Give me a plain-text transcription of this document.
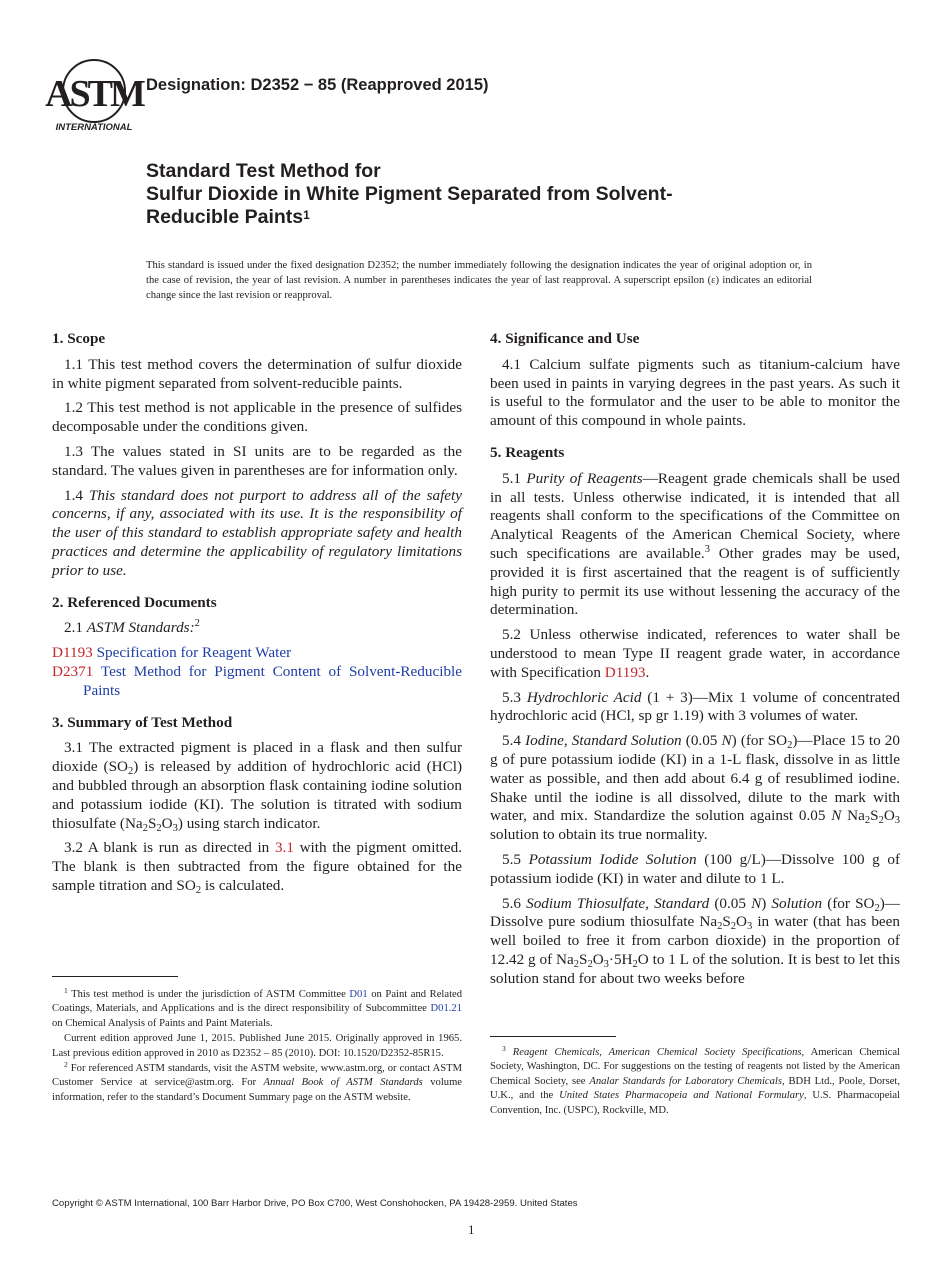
ASTM
INTERNATIONAL
Designation: D2352 − 85 (Reapproved 2015)
Standard Test Method for
Sulfur Dioxide in White Pigment Separated from Solvent-
Reducible Paints$^1$
This standard is issued under the fixed designation D2352; the number immediately following the designation indicates the year of original adoption or, in the case of revision, the year of last revision. A number in parentheses indicates the year of last reapproval. A superscript epsilon (ε) indicates an editorial change since the last revision or reapproval.
1. Scope

1.1 This test method covers the determination of sulfur dioxide in white pigment separated from solvent-reducible paints.

1.2 This test method is not applicable in the presence of sulfides decomposable under the conditions given.

1.3 The values stated in SI units are to be regarded as the standard. The values given in parentheses are for information only.

1.4 This standard does not purport to address all of the safety concerns, if any, associated with its use. It is the responsibility of the user of this standard to establish appropriate safety and health practices and determine the applicability of regulatory limitations prior to use.

2. Referenced Documents

2.1 ASTM Standards:$^2$

D1193 Specification for Reagent Water
D2371 Test Method for Pigment Content of Solvent-Reducible Paints
3. Summary of Test Method

3.1 The extracted pigment is placed in a flask and then sulfur dioxide $(SO_2)$ is released by addition of hydrochloric acid (HCl) and bubbled through an absorption flask containing iodine solution and potassium iodide (KI). The solution is titrated with sodium thiosulfate $(Na_2S_2O_3)$ using starch indicator.

3.2 A blank is run as directed in 3.1 with the pigment omitted. The blank is then subtracted from the figure obtained for the sample titration and $SO_2$ is calculated.

$^1$ This test method is under the jurisdiction of ASTM Committee D01 on Paint and Related Coatings, Materials, and Applications and is the direct responsibility of Subcommittee D01.21 on Chemical Analysis of Paints and Paint Materials.

Current edition approved June 1, 2015. Published June 2015. Originally approved in 1965. Last previous edition approved in 2010 as D2352 – 85 (2010). DOI: 10.1520/D2352-85R15.

$^2$ For referenced ASTM standards, visit the ASTM website, www.astm.org, or contact ASTM Customer Service at service@astm.org. For Annual Book of ASTM Standards volume information, refer to the standard’s Document Summary page on the ASTM website.

4. Significance and Use

4.1 Calcium sulfate pigments such as titanium-calcium have been used in paints in varying degrees in the past years. As such it is useful to the formulator and the user to be able to monitor the amount of this compound in whole paints.

5. Reagents

5.1 Purity of Reagents—Reagent grade chemicals shall be used in all tests. Unless otherwise indicated, it is intended that all reagents shall conform to the specifications of the Committee on Analytical Reagents of the American Chemical Society, where such specifications are available.$^3$ Other grades may be used, provided it is first ascertained that the reagent is of sufficiently high purity to permit its use without lessening the accuracy of the determination.

5.2 Unless otherwise indicated, references to water shall be understood to mean Type II reagent grade water, in accordance with Specification D1193.

5.3 Hydrochloric Acid (1 + 3)—Mix 1 volume of concentrated hydrochloric acid (HCl, sp gr 1.19) with 3 volumes of water.

5.4 Iodine, Standard Solution (0.05 N) (for $SO_2)—Place$ 15 to 20 g of pure potassium iodide (KI) in a 1-L flask, dissolve in as little water as possible, and then add about 6.4 g of resublimed iodine. Shake until the iodine is all dissolved, dilute to the mark with water, and mix. Standardize the solution against 0.05 N $Na_2S_2O_3$ solution to obtain its true normality.

5.5 Potassium Iodide Solution (100 g/L)—Dissolve 100 g of potassium iodide (KI) in water and dilute to 1 L.

5.6 Sodium Thiosulfate, Standard (0.05 N) Solution (for $SO_2)—Dissolve$ pure sodium thiosulfate $Na_2S_2O_3$ in water (that has been well boiled to free it from carbon dioxide) in the proportion of 12.42 g of $Na_2S_2O_3\cdot 5H_2O$ to 1 L of the solution. It is best to let this solution stand for about two weeks before

$^3$ Reagent Chemicals, American Chemical Society Specifications, American Chemical Society, Washington, DC. For suggestions on the testing of reagents not listed by the American Chemical Society, see Analar Standards for Laboratory Chemicals, BDH Ltd., Poole, Dorset, U.K., and the United States Pharmacopeia and National Formulary, U.S. Pharmacopeial Convention, Inc. (USPC), Rockville, MD.

Copyright © ASTM International, 100 Barr Harbor Drive, PO Box C700, West Conshohocken, PA 19428-2959. United States
1
